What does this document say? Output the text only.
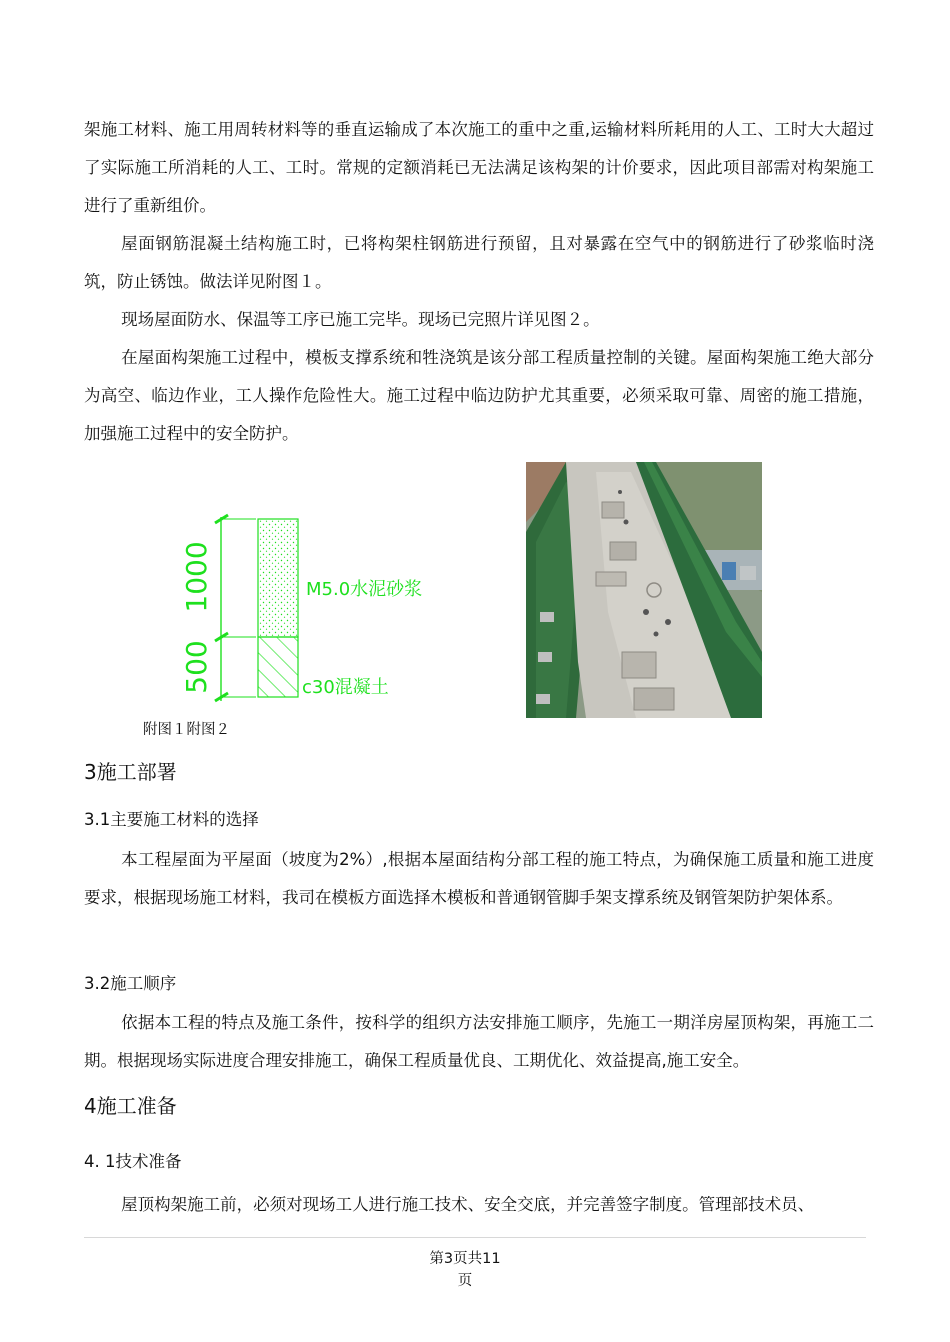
架施工材料、施工用周转材料等的垂直运输成了本次施工的重中之重,运输材料所耗用的人工、工时大大超过了实际施工所消耗的人工、工时。常规的定额消耗已无法满足该构架的计价要求，因此项目部需对构架施工进行了重新组价。

屋面钢筋混凝土结构施工时，已将构架柱钢筋进行预留，且对暴露在空气中的钢筋进行了砂浆临时浇筑，防止锈蚀。做法详见附图１。

现场屋面防水、保温等工序已施工完毕。现场已完照片详见图２。

在屋面构架施工过程中，模板支撑系统和牲浇筑是该分部工程质量控制的关键。屋面构架施工绝大部分为高空、临边作业，工人操作危险性大。施工过程中临边防护尤其重要，必须采取可靠、周密的施工措施，加强施工过程中的安全防护。

1000
500
M5.0水泥砂浆
c30混凝土
附图１附图２
3施工部署
3.1主要施工材料的选择

本工程屋面为平屋面（坡度为2%）,根据本屋面结构分部工程的施工特点，为确保施工质量和施工进度要求，根据现场施工材料，我司在模板方面选择木模板和普通钢管脚手架支撑系统及钢管架防护架体系。

3.2施工顺序

依据本工程的特点及施工条件，按科学的组织方法安排施工顺序，先施工一期洋房屋顶构架，再施工二期。根据现场实际进度合理安排施工，确保工程质量优良、工期优化、效益提高,施工安全。

4施工准备
4. 1技术准备

屋顶构架施工前，必须对现场工人进行施工技术、安全交底，并完善签字制度。管理部技术员、

第3页共11
页
